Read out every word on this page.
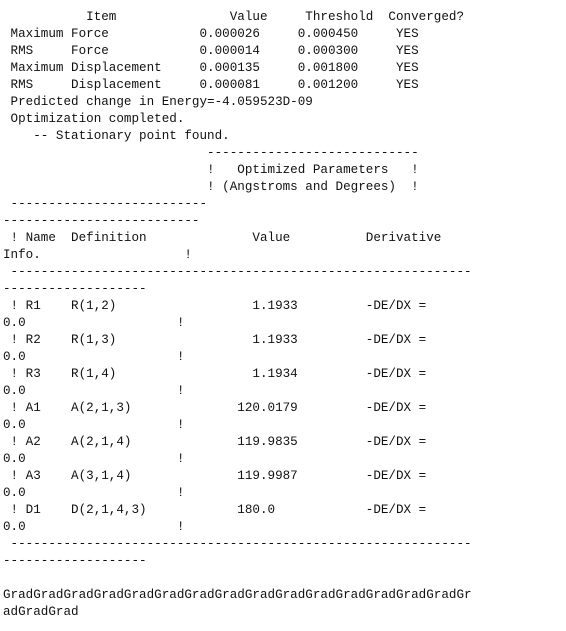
Item               Value     Threshold  Converged?
Maximum Force            0.000026     0.000450     YES
RMS     Force            0.000014     0.000300     YES
Maximum Displacement     0.000135     0.001800     YES
RMS     Displacement     0.000081     0.001200     YES
Predicted change in Energy=-4.059523D-09
Optimization completed.
-- Stationary point found.
----------------------------
!   Optimized Parameters   !
! (Angstroms and Degrees)  !
--------------------------
--------------------------
! Name  Definition              Value          Derivative
Info.                   !
-------------------------------------------------------------
-------------------
! R1    R(1,2)                  1.1933         -DE/DX =
0.0                    !
! R2    R(1,3)                  1.1933         -DE/DX =
0.0                    !
! R3    R(1,4)                  1.1934         -DE/DX =
0.0                    !
! A1    A(2,1,3)              120.0179         -DE/DX =
0.0                    !
! A2    A(2,1,4)              119.9835         -DE/DX =
0.0                    !
! A3    A(3,1,4)              119.9987         -DE/DX =
0.0                    !
! D1    D(2,1,4,3)            180.0            -DE/DX =
0.0                    !
-------------------------------------------------------------
-------------------
GradGradGradGradGradGradGradGradGradGradGradGradGradGradGradGr
adGradGrad
